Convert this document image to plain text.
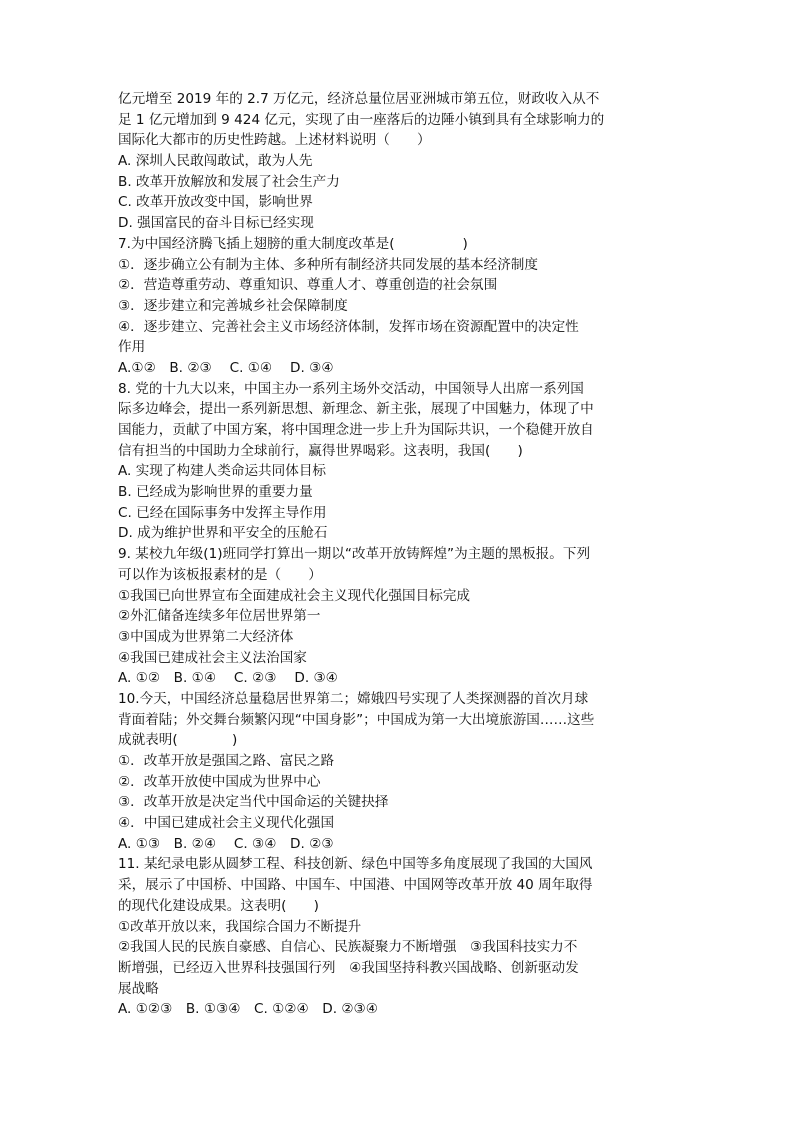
亿元增至 2019 年的 2.7 万亿元，经济总量位居亚洲城市第五位，财政收入从不
足 1 亿元增加到 9 424 亿元，实现了由一座落后的边陲小镇到具有全球影响力的
国际化大都市的历史性跨越。上述材料说明（　　）
A. 深圳人民敢闯敢试，敢为人先
B. 改革开放解放和发展了社会生产力
C. 改革开放改变中国，影响世界
D. 强国富民的奋斗目标已经实现
7.为中国经济腾飞插上翅膀的重大制度改革是(　　　　　)
①．逐步确立公有制为主体、多种所有制经济共同发展的基本经济制度
②．营造尊重劳动、尊重知识、尊重人才、尊重创造的社会氛围
③．逐步建立和完善城乡社会保障制度
④．逐步建立、完善社会主义市场经济体制，发挥市场在资源配置中的决定性
作用
A.①②　B. ②③　 C. ①④　 D. ③④
8. 党的十九大以来，中国主办一系列主场外交活动，中国领导人出席一系列国
际多边峰会，提出一系列新思想、新理念、新主张，展现了中国魅力，体现了中
国能力，贡献了中国方案，将中国理念进一步上升为国际共识，一个稳健开放自
信有担当的中国助力全球前行，赢得世界喝彩。这表明，我国(　　)
A. 实现了构建人类命运共同体目标
B. 已经成为影响世界的重要力量
C. 已经在国际事务中发挥主导作用
D. 成为维护世界和平安全的压舱石
9. 某校九年级(1)班同学打算出一期以“改革开放铸辉煌”为主题的黑板报。下列
可以作为该板报素材的是（　　）
①我国已向世界宣布全面建成社会主义现代化强国目标完成
②外汇储备连续多年位居世界第一
③中国成为世界第二大经济体
④我国已建成社会主义法治国家
A. ①②　B. ①④　 C. ②③　 D. ③④
10.今天，中国经济总量稳居世界第二；嫦娥四号实现了人类探测器的首次月球
背面着陆；外交舞台频繁闪现“中国身影”；中国成为第一大出境旅游国……这些
成就表明(　　　　)
①．改革开放是强国之路、富民之路
②．改革开放使中国成为世界中心
③．改革开放是决定当代中国命运的关键抉择
④．中国已建成社会主义现代化强国
A. ①③　B. ②④　 C. ③④　D. ②③
11. 某纪录电影从圆梦工程、科技创新、绿色中国等多角度展现了我国的大国风
采，展示了中国桥、中国路、中国车、中国港、中国网等改革开放 40 周年取得
的现代化建设成果。这表明(　　)
①改革开放以来，我国综合国力不断提升
②我国人民的民族自豪感、自信心、民族凝聚力不断增强　③我国科技实力不
断增强，已经迈入世界科技强国行列　④我国坚持科教兴国战略、创新驱动发
展战略
A. ①②③　B. ①③④　C. ①②④　D. ②③④
